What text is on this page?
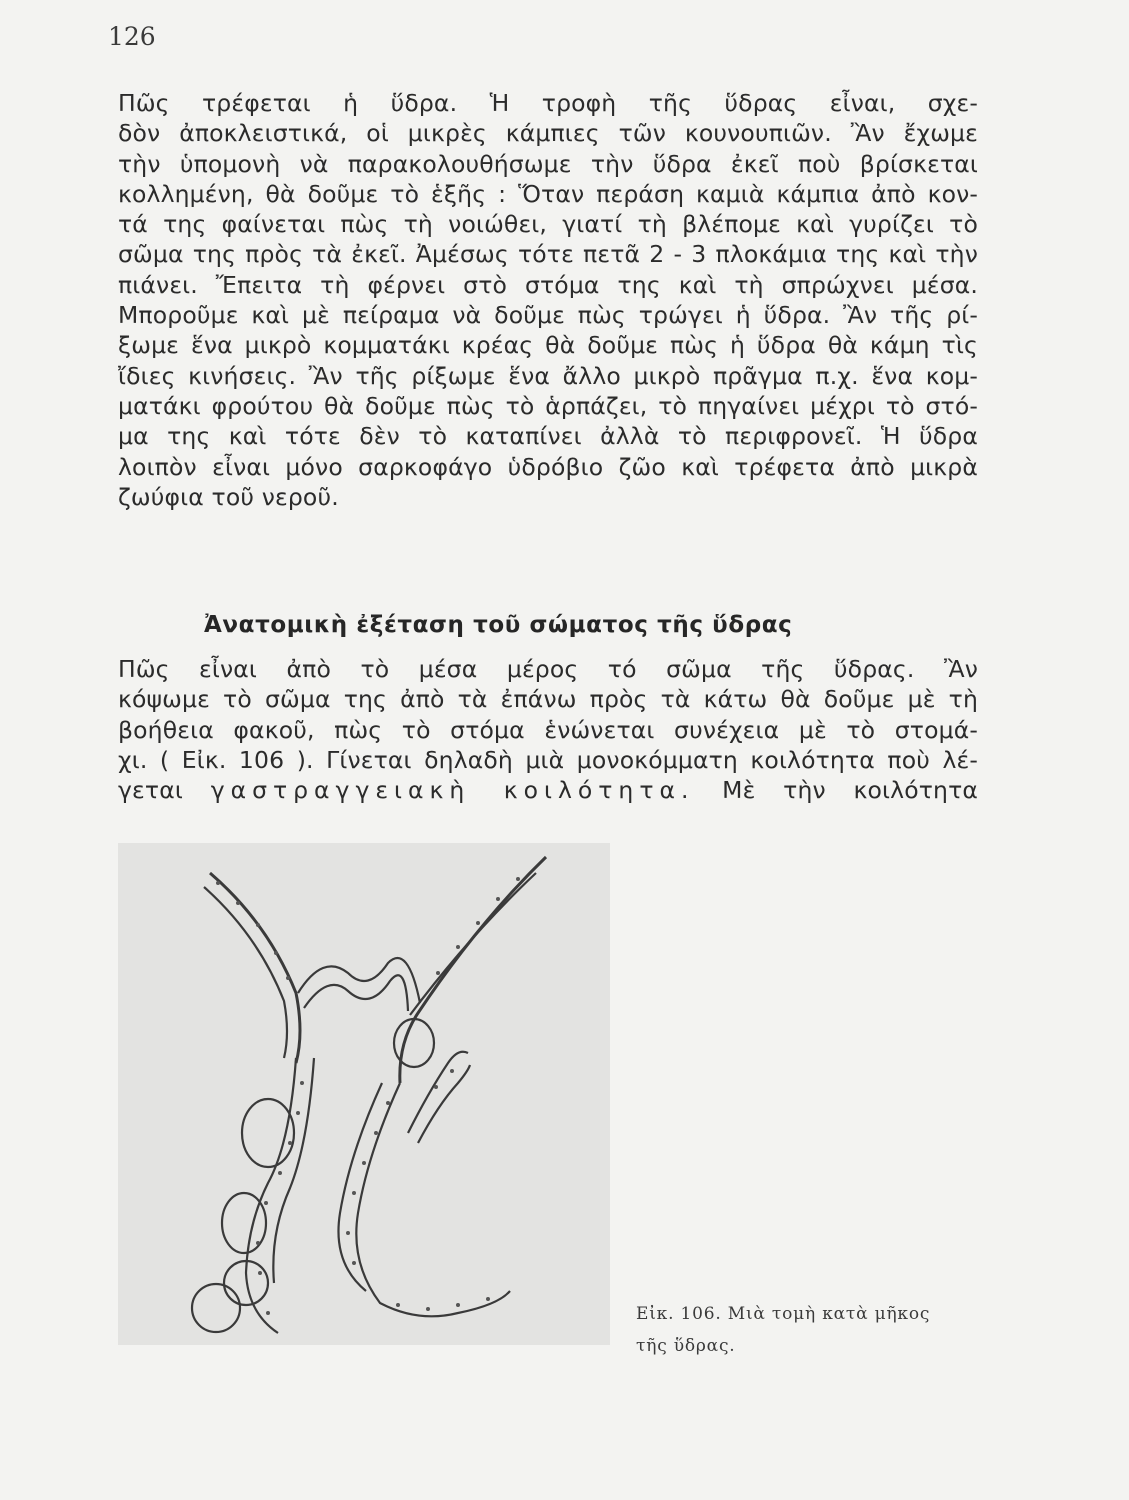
126
Πῶς τρέφεται ἡ ὕδρα. Ἡ τροφὴ τῆς ὕδρας εἶναι, σχε-
δὸν ἀποκλειστικά, οἱ μικρὲς κάμπιες τῶν κουνουπιῶν. Ἂν ἔχωμε
τὴν ὑπομονὴ νὰ παρακολουθήσωμε τὴν ὕδρα ἐκεῖ ποὺ βρίσκεται
κολλημένη, θὰ δοῦμε τὸ ἑξῆς : Ὅταν περάση καμιὰ κάμπια ἀπὸ κον-
τά της φαίνεται πὼς τὴ νοιώθει, γιατί τὴ βλέπομε καὶ γυρίζει τὸ
σῶμα της πρὸς τὰ ἐκεῖ. Ἀμέσως τότε πετᾶ 2 - 3 πλοκάμια της καὶ τὴν
πιάνει. Ἔπειτα τὴ φέρνει στὸ στόμα της καὶ τὴ σπρώχνει μέσα.
Μποροῦμε καὶ μὲ πείραμα νὰ δοῦμε πὼς τρώγει ἡ ὕδρα. Ἂν τῆς ρί-
ξωμε ἕνα μικρὸ κομματάκι κρέας θὰ δοῦμε πὼς ἡ ὕδρα θὰ κάμη τὶς
ἴδιες κινήσεις. Ἂν τῆς ρίξωμε ἕνα ἄλλο μικρὸ πρᾶγμα π.χ. ἕνα κομ-
ματάκι φρούτου θὰ δοῦμε πὼς τὸ ἁρπάζει, τὸ πηγαίνει μέχρι τὸ στό-
μα της καὶ τότε δὲν τὸ καταπίνει ἀλλὰ τὸ περιφρονεῖ. Ἡ ὕδρα
λοιπὸν εἶναι μόνο σαρκοφάγο ὑδρόβιο ζῶο καὶ τρέφετα ἀπὸ μικρὰ
ζωύφια τοῦ νεροῦ.
Ἀνατομικὴ ἐξέταση τοῦ σώματος τῆς ὕδρας
Πῶς εἶναι ἀπὸ τὸ μέσα μέρος τό σῶμα τῆς ὕδρας. Ἂν
κόψωμε τὸ σῶμα της ἀπὸ τὰ ἐπάνω πρὸς τὰ κάτω θὰ δοῦμε μὲ τὴ
βοήθεια φακοῦ, πὼς τὸ στόμα ἑνώνεται συνέχεια μὲ τὸ στομά-
χι. ( Εἰκ. 106 ). Γίνεται δηλαδὴ μιὰ μονοκόμματη κοιλότητα ποὺ λέ-
γεται γαστραγγειακὴ κοιλότητα. Μὲ τὴν κοιλότητα
Εἰκ. 106. Μιὰ τομὴ κατὰ μῆκος
τῆς ὕδρας.
